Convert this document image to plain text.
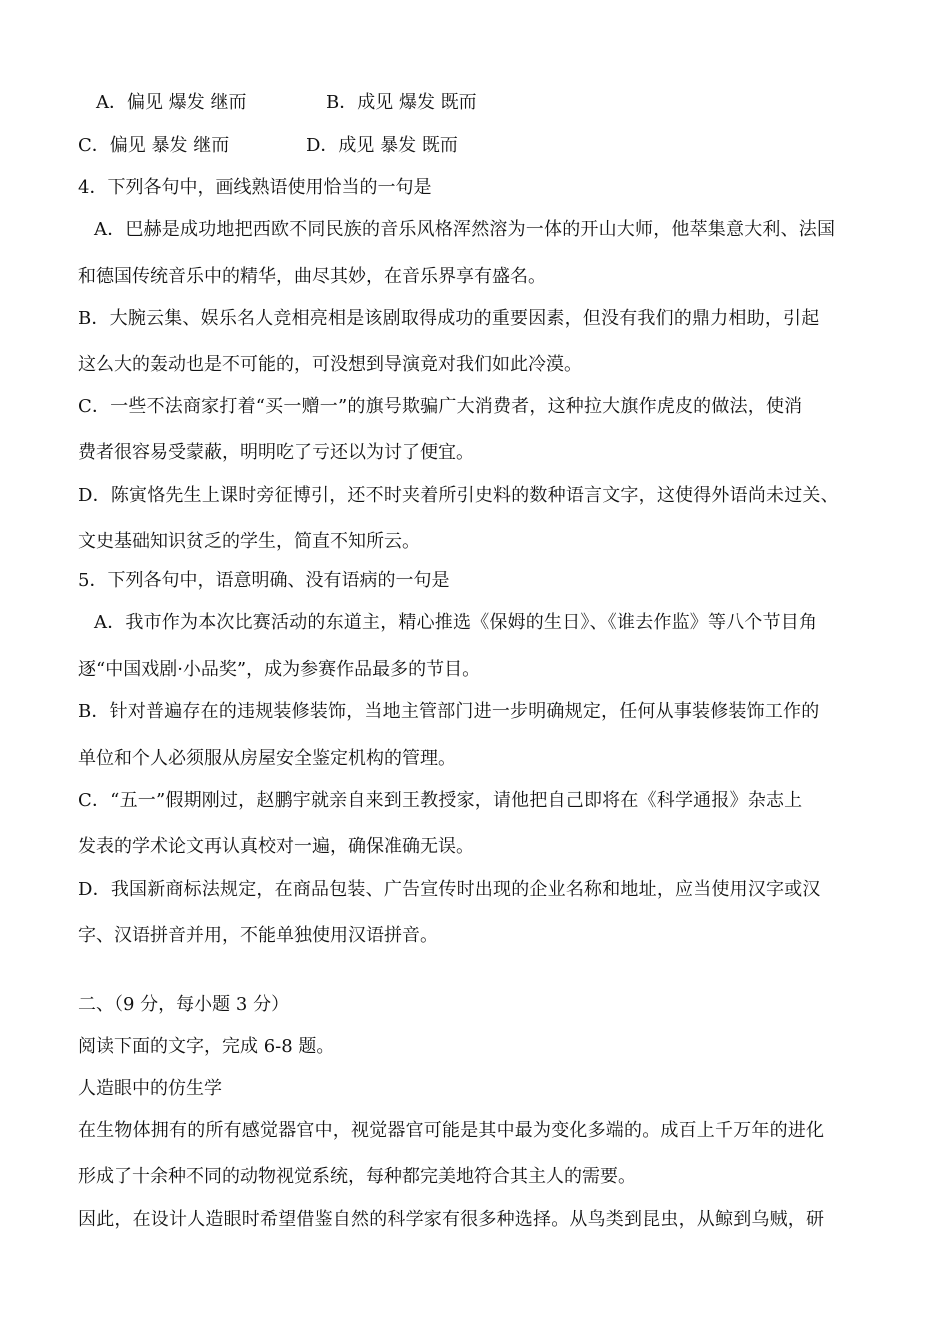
A．偏见 爆发 继而	B．成见 爆发 既而
C．偏见 暴发 继而	D．成见 暴发 既而
4．下列各句中，画线熟语使用恰当的一句是
A．巴赫是成功地把西欧不同民族的音乐风格浑然溶为一体的开山大师，他萃集意大利、法国
和德国传统音乐中的精华，曲尽其妙，在音乐界享有盛名。
B．大腕云集、娱乐名人竞相亮相是该剧取得成功的重要因素，但没有我们的鼎力相助，引起
这么大的轰动也是不可能的，可没想到导演竟对我们如此冷漠。
C．一些不法商家打着“买一赠一”的旗号欺骗广大消费者，这种拉大旗作虎皮的做法，使消
费者很容易受蒙蔽，明明吃了亏还以为讨了便宜。
D．陈寅恪先生上课时旁征博引，还不时夹着所引史料的数种语言文字，这使得外语尚未过关、
文史基础知识贫乏的学生，简直不知所云。
5．下列各句中，语意明确、没有语病的一句是
A．我市作为本次比赛活动的东道主，精心推选《保姆的生日》、《谁去作监》等八个节目角
逐“中国戏剧·小品奖”，成为参赛作品最多的节目。
B．针对普遍存在的违规装修装饰，当地主管部门进一步明确规定，任何从事装修装饰工作的
单位和个人必须服从房屋安全鉴定机构的管理。
C．“五一”假期刚过，赵鹏宇就亲自来到王教授家，请他把自己即将在《科学通报》杂志上
发表的学术论文再认真校对一遍，确保准确无误。
D．我国新商标法规定，在商品包装、广告宣传时出现的企业名称和地址，应当使用汉字或汉
字、汉语拼音并用，不能单独使用汉语拼音。
二、（9 分，每小题 3 分）
阅读下面的文字，完成 6-8 题。
人造眼中的仿生学
在生物体拥有的所有感觉器官中，视觉器官可能是其中最为变化多端的。成百上千万年的进化
形成了十余种不同的动物视觉系统，每种都完美地符合其主人的需要。
因此，在设计人造眼时希望借鉴自然的科学家有很多种选择。从鸟类到昆虫，从鲸到乌贼，研
